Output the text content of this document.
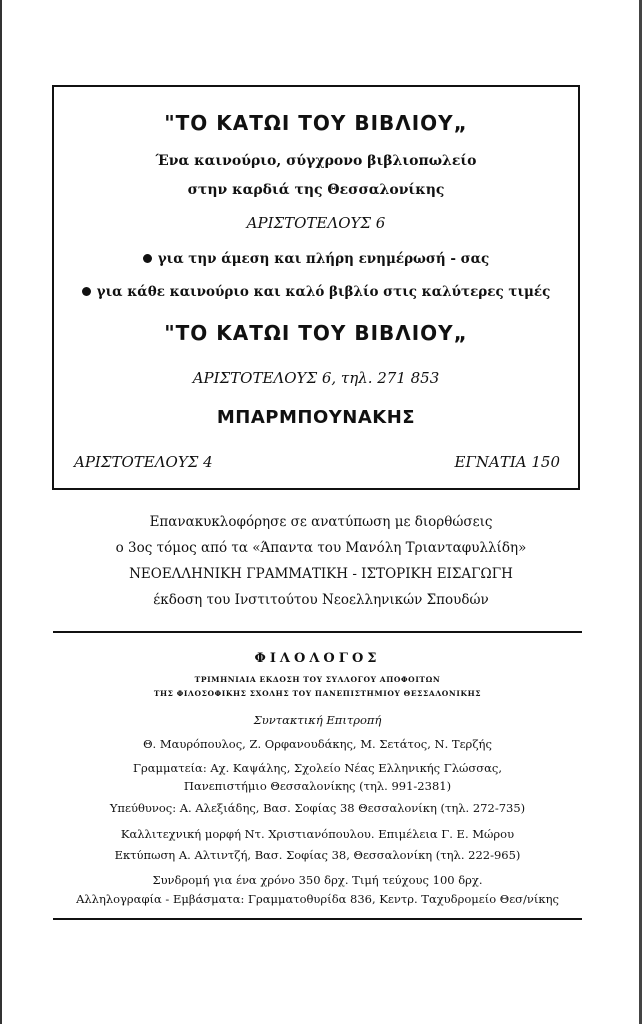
"ΤΟ ΚΑΤΩΙ ΤΟΥ ΒΙΒΛΙΟΥ„
Ένα καινούριο, σύγχρονο βιβλιοπωλείο
στην καρδιά της Θεσσαλονίκης
ΑΡΙΣΤΟΤΕΛΟΥΣ 6
για την άμεση και πλήρη ενημέρωσή - σας
για κάθε καινούριο και καλό βιβλίο στις καλύτερες τιμές
"ΤΟ ΚΑΤΩΙ ΤΟΥ ΒΙΒΛΙΟΥ„
ΑΡΙΣΤΟΤΕΛΟΥΣ 6, τηλ. 271 853
ΜΠΑΡΜΠΟΥΝΑΚΗΣ
ΑΡΙΣΤΟΤΕΛΟΥΣ 4	ΕΓΝΑΤΙΑ 150
Επανακυκλοφόρησε σε ανατύπωση με διορθώσεις
ο 3ος τόμος από τα «Άπαντα του Μανόλη Τριανταφυλλίδη»
ΝΕΟΕΛΛΗΝΙΚΗ ΓΡΑΜΜΑΤΙΚΗ - ΙΣΤΟΡΙΚΗ ΕΙΣΑΓΩΓΗ
έκδοση του Ινστιτούτου Νεοελληνικών Σπουδών
ΦΙΛΟΛΟΓΟΣ
ΤΡΙΜΗΝΙΑΙΑ ΕΚΔΟΣΗ ΤΟΥ ΣΥΛΛΟΓΟΥ ΑΠΟΦΟΙΤΩΝ
ΤΗΣ ΦΙΛΟΣΟΦΙΚΗΣ ΣΧΟΛΗΣ ΤΟΥ ΠΑΝΕΠΙΣΤΗΜΙΟΥ ΘΕΣΣΑΛΟΝΙΚΗΣ
Συντακτική Επιτροπή
Θ. Μαυρόπουλος, Ζ. Ορφανουδάκης, Μ. Σετάτος, Ν. Τερζής
Γραμματεία: Αχ. Καψάλης, Σχολείο Νέας Ελληνικής Γλώσσας,
Πανεπιστήμιο Θεσσαλονίκης (τηλ. 991-2381)
Υπεύθυνος: Α. Αλεξιάδης, Βασ. Σοφίας 38 Θεσσαλονίκη (τηλ. 272-735)
Καλλιτεχνική μορφή Ντ. Χριστιανόπουλου. Επιμέλεια Γ. Ε. Μώρου
Εκτύπωση Α. Αλτιντζή, Βασ. Σοφίας 38, Θεσσαλονίκη (τηλ. 222-965)
Συνδρομή για ένα χρόνο 350 δρχ. Τιμή τεύχους 100 δρχ.
Αλληλογραφία - Εμβάσματα: Γραμματοθυρίδα 836, Κεντρ. Ταχυδρομείο Θεσ/νίκης
